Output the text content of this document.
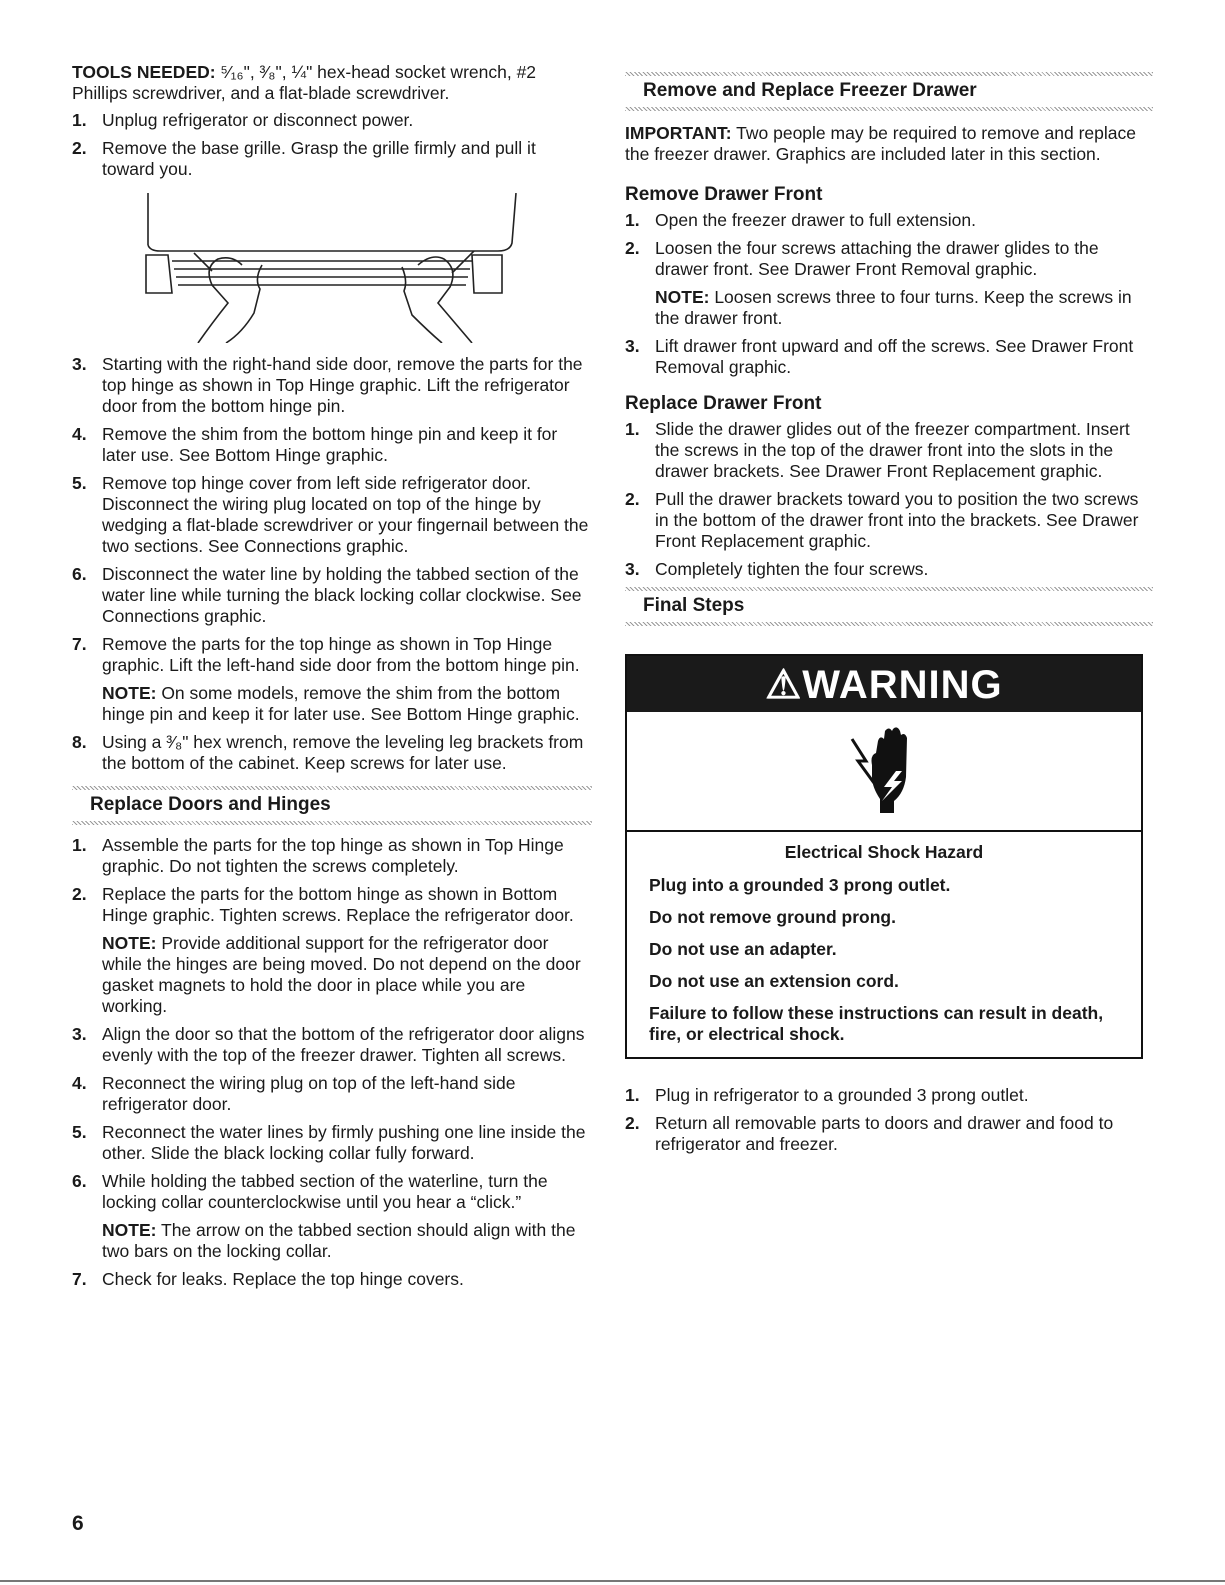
TOOLS NEEDED: ⁵⁄₁₆", ³⁄₈", ¼" hex-head socket wrench, #2 Phillips screwdriver, and a flat-blade screwdriver.

1. Unplug refrigerator or disconnect power.
2. Remove the base grille. Grasp the grille firmly and pull it toward you.
3. Starting with the right-hand side door, remove the parts for the top hinge as shown in Top Hinge graphic. Lift the refrigerator door from the bottom hinge pin.
4. Remove the shim from the bottom hinge pin and keep it for later use. See Bottom Hinge graphic.
5. Remove top hinge cover from left side refrigerator door. Disconnect the wiring plug located on top of the hinge by wedging a flat-blade screwdriver or your fingernail between the two sections. See Connections graphic.
6. Disconnect the water line by holding the tabbed section of the water line while turning the black locking collar clockwise. See Connections graphic.
7. Remove the parts for the top hinge as shown in Top Hinge graphic. Lift the left-hand side door from the bottom hinge pin.
NOTE: On some models, remove the shim from the bottom hinge pin and keep it for later use. See Bottom Hinge graphic.
8. Using a ³⁄₈" hex wrench, remove the leveling leg brackets from the bottom of the cabinet. Keep screws for later use.
Replace Doors and Hinges
1. Assemble the parts for the top hinge as shown in Top Hinge graphic. Do not tighten the screws completely.
2. Replace the parts for the bottom hinge as shown in Bottom Hinge graphic. Tighten screws. Replace the refrigerator door.
NOTE: Provide additional support for the refrigerator door while the hinges are being moved. Do not depend on the door gasket magnets to hold the door in place while you are working.
3. Align the door so that the bottom of the refrigerator door aligns evenly with the top of the freezer drawer. Tighten all screws.
4. Reconnect the wiring plug on top of the left-hand side refrigerator door.
5. Reconnect the water lines by firmly pushing one line inside the other. Slide the black locking collar fully forward.
6. While holding the tabbed section of the waterline, turn the locking collar counterclockwise until you hear a “click.”
NOTE: The arrow on the tabbed section should align with the two bars on the locking collar.
7. Check for leaks. Replace the top hinge covers.
Remove and Replace Freezer Drawer

IMPORTANT: Two people may be required to remove and replace the freezer drawer. Graphics are included later in this section.

Remove Drawer Front
1. Open the freezer drawer to full extension.
2. Loosen the four screws attaching the drawer glides to the drawer front. See Drawer Front Removal graphic.
NOTE: Loosen screws three to four turns. Keep the screws in the drawer front.
3. Lift drawer front upward and off the screws. See Drawer Front Removal graphic.
Replace Drawer Front
1. Slide the drawer glides out of the freezer compartment. Insert the screws in the top of the drawer front into the slots in the drawer brackets. See Drawer Front Replacement graphic.
2. Pull the drawer brackets toward you to position the two screws in the bottom of the drawer front into the brackets. See Drawer Front Replacement graphic.
3. Completely tighten the four screws.
Final Steps
⚠WARNING
Electrical Shock Hazard
Plug into a grounded 3 prong outlet.
Do not remove ground prong.
Do not use an adapter.
Do not use an extension cord.
Failure to follow these instructions can result in death, fire, or electrical shock.
1. Plug in refrigerator to a grounded 3 prong outlet.
2. Return all removable parts to doors and drawer and food to refrigerator and freezer.
6
